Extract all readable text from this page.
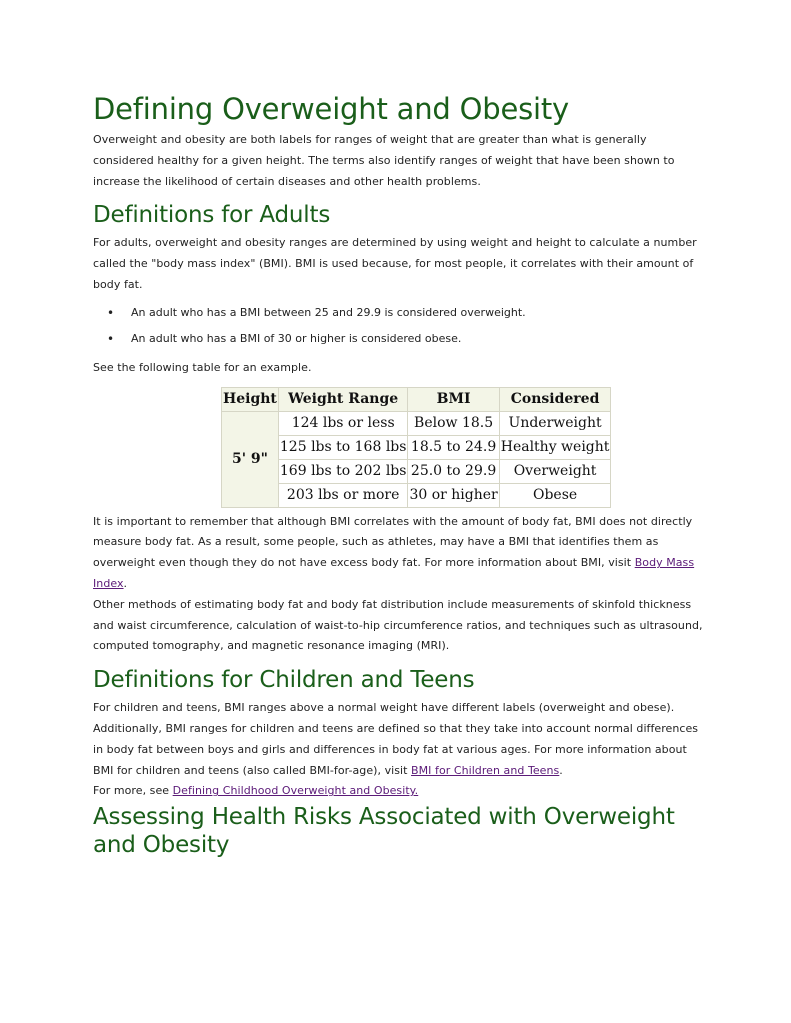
Defining Overweight and Obesity

Overweight and obesity are both labels for ranges of weight that are greater than what is generally considered healthy for a given height. The terms also identify ranges of weight that have been shown to increase the likelihood of certain diseases and other health problems.

Definitions for Adults

For adults, overweight and obesity ranges are determined by using weight and height to calculate a number called the "body mass index" (BMI). BMI is used because, for most people, it correlates with their amount of body fat.

• An adult who has a BMI between 25 and 29.9 is considered overweight.
• An adult who has a BMI of 30 or higher is considered obese.

See the following table for an example.

Height	Weight Range	BMI	Considered
5' 9"	124 lbs or less	Below 18.5	Underweight
	125 lbs to 168 lbs	18.5 to 24.9	Healthy weight
	169 lbs to 202 lbs	25.0 to 29.9	Overweight
	203 lbs or more	30 or higher	Obese

It is important to remember that although BMI correlates with the amount of body fat, BMI does not directly measure body fat. As a result, some people, such as athletes, may have a BMI that identifies them as overweight even though they do not have excess body fat. For more information about BMI, visit Body Mass Index.

Other methods of estimating body fat and body fat distribution include measurements of skinfold thickness and waist circumference, calculation of waist-to-hip circumference ratios, and techniques such as ultrasound, computed tomography, and magnetic resonance imaging (MRI).

Definitions for Children and Teens

For children and teens, BMI ranges above a normal weight have different labels (overweight and obese). Additionally, BMI ranges for children and teens are defined so that they take into account normal differences in body fat between boys and girls and differences in body fat at various ages. For more information about BMI for children and teens (also called BMI-for-age), visit BMI for Children and Teens.

For more, see Defining Childhood Overweight and Obesity.

Assessing Health Risks Associated with Overweight and Obesity
